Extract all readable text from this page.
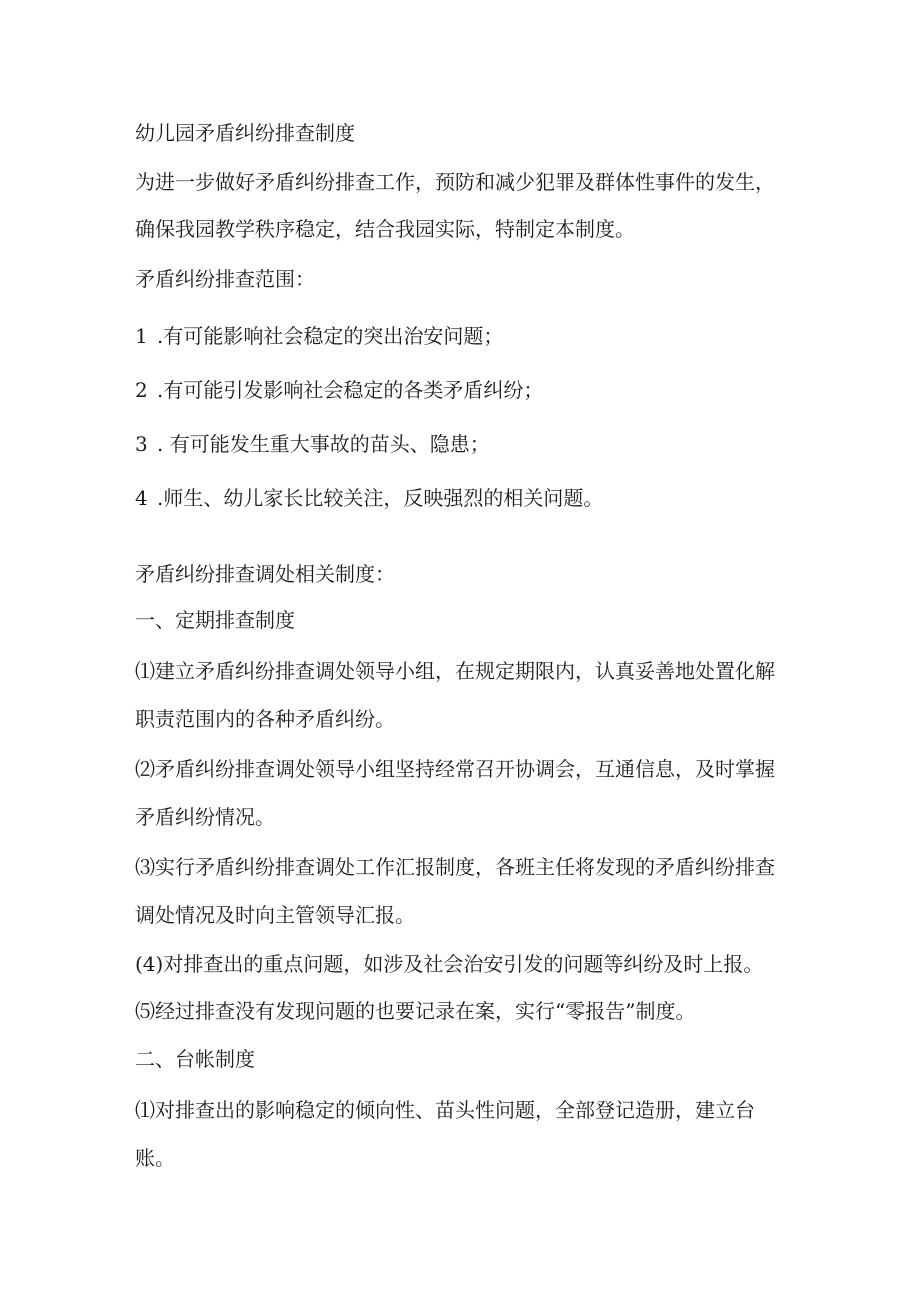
幼儿园矛盾纠纷排查制度
为进一步做好矛盾纠纷排查工作，预防和减少犯罪及群体性事件的发生，
确保我园教学秩序稳定，结合我园实际，特制定本制度。
矛盾纠纷排查范围：
1 .有可能影响社会稳定的突出治安问题；
2 .有可能引发影响社会稳定的各类矛盾纠纷；
3 . 有可能发生重大事故的苗头、隐患；
4 .师生、幼儿家长比较关注，反映强烈的相关问题。
矛盾纠纷排查调处相关制度：
一、定期排查制度
⑴建立矛盾纠纷排查调处领导小组，在规定期限内，认真妥善地处置化解
职责范围内的各种矛盾纠纷。
⑵矛盾纠纷排查调处领导小组坚持经常召开协调会，互通信息，及时掌握
矛盾纠纷情况。
⑶实行矛盾纠纷排查调处工作汇报制度，各班主任将发现的矛盾纠纷排查
调处情况及时向主管领导汇报。
(4)对排查出的重点问题，如涉及社会治安引发的问题等纠纷及时上报。
⑸经过排查没有发现问题的也要记录在案，实行“零报告”制度。
二、台帐制度
⑴对排查出的影响稳定的倾向性、苗头性问题，全部登记造册，建立台
账。
